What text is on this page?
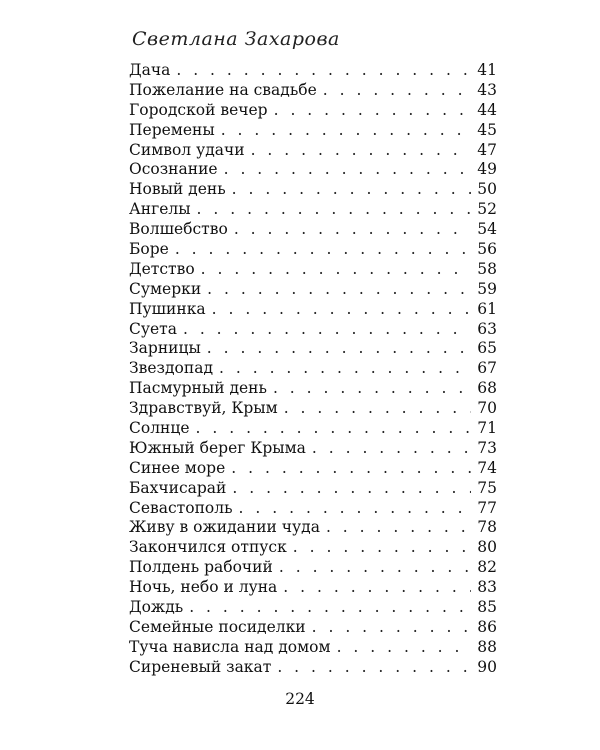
Светлана Захарова
Дача . . .	41
Пожелание на свадьбе . . .	43
Городской вечер . . .	44
Перемены . . .	45
Символ удачи . . .	47
Осознание . . .	49
Новый день . . .	50
Ангелы . . .	52
Волшебство . . .	54
Боре . . .	56
Детство . . .	58
Сумерки . . .	59
Пушинка . . .	61
Суета . . .	63
Зарницы . . .	65
Звездопад . . .	67
Пасмурный день . . .	68
Здравствуй, Крым . . .	70
Солнце . . .	71
Южный берег Крыма . . .	73
Синее море . . .	74
Бахчисарай . . .	75
Севастополь . . .	77
Живу в ожидании чуда . . .	78
Закончился отпуск . . .	80
Полдень рабочий . . .	82
Ночь, небо и луна . . .	83
Дождь . . .	85
Семейные посиделки . . .	86
Туча нависла над домом . . .	88
Сиреневый закат . . .	90
224
